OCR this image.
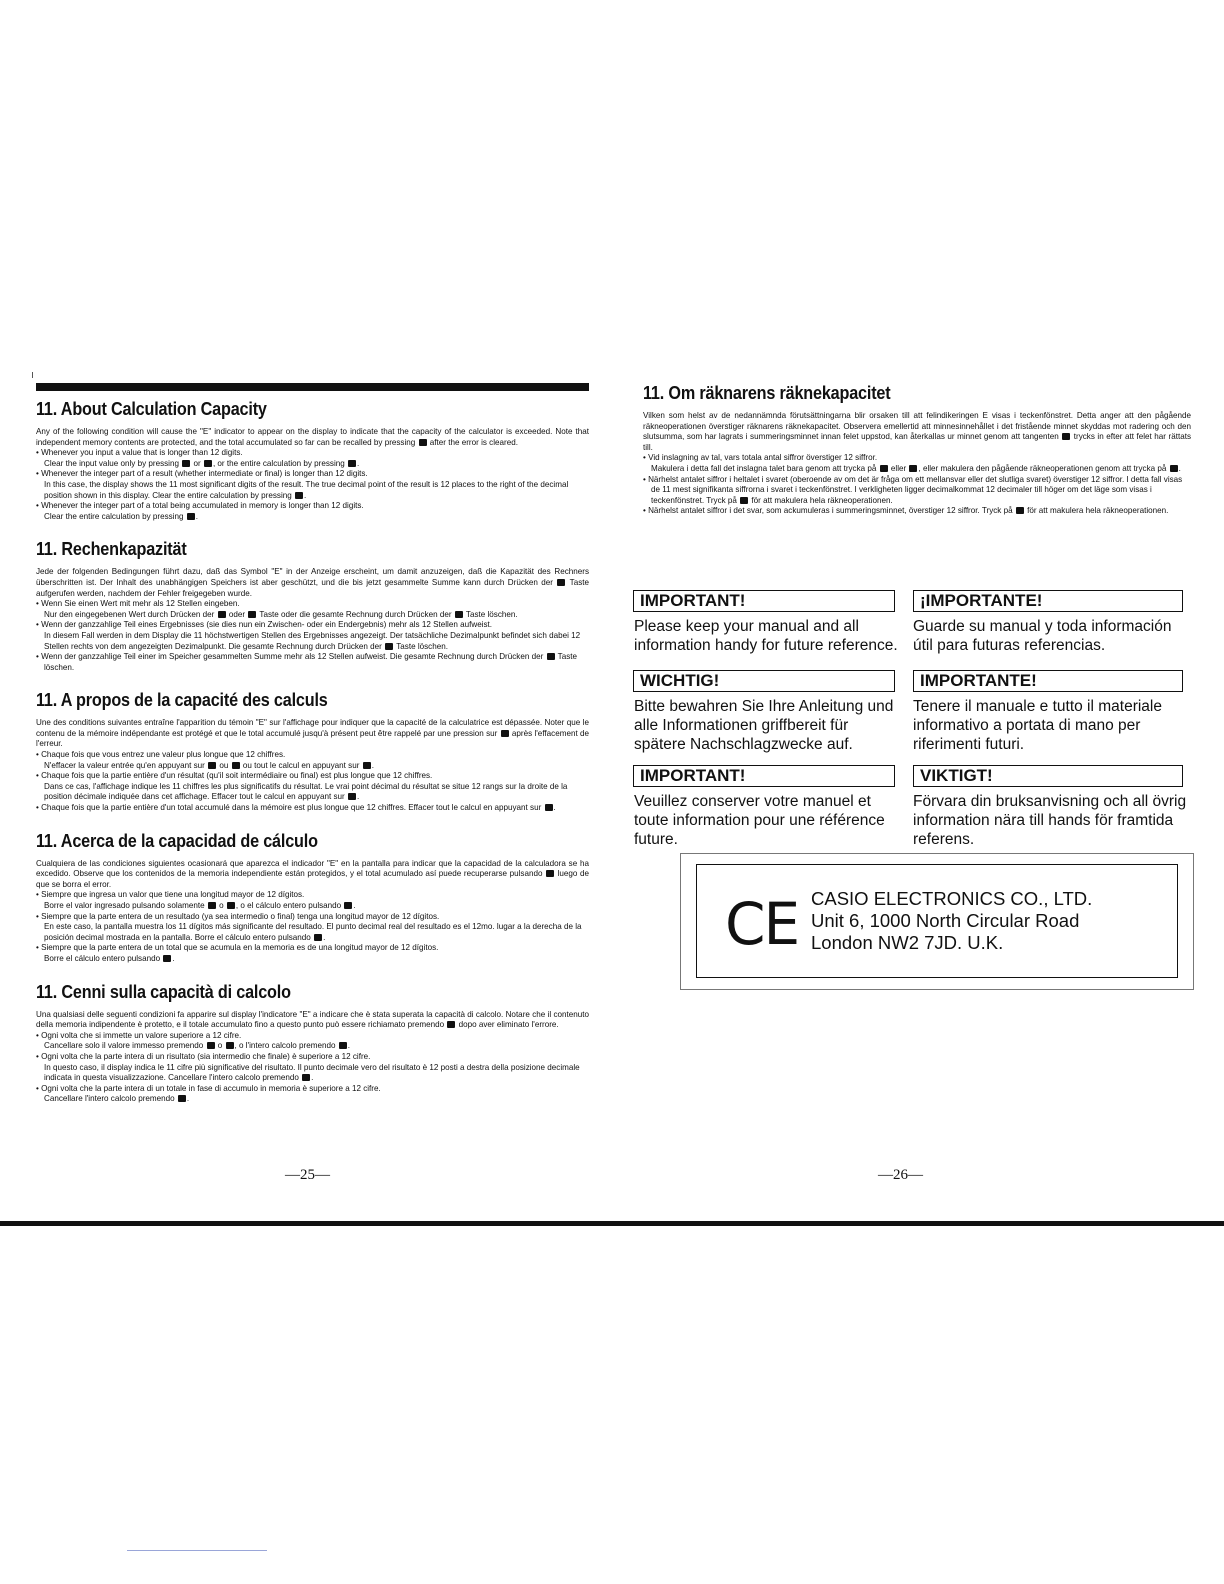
11. About Calculation Capacity

Any of the following condition will cause the "E" indicator to appear on the display to indicate that the capacity of the calculator is exceeded. Note that independent memory contents are protected, and the total accumulated so far can be recalled by pressing  after the error is cleared.

• Whenever you input a value that is longer than 12 digits.

Clear the input value only by pressing  or , or the entire calculation by pressing .

• Whenever the integer part of a result (whether intermediate or final) is longer than 12 digits.

In this case, the display shows the 11 most significant digits of the result. The true decimal point of the result is 12 places to the right of the decimal position shown in this display. Clear the entire calculation by pressing .

• Whenever the integer part of a total being accumulated in memory is longer than 12 digits.

Clear the entire calculation by pressing .

11. Rechenkapazität

Jede der folgenden Bedingungen führt dazu, daß das Symbol "E" in der Anzeige erscheint, um damit anzuzeigen, daß die Kapazität des Rechners überschritten ist. Der Inhalt des unabhängigen Speichers ist aber geschützt, und die bis jetzt gesammelte Summe kann durch Drücken der  Taste aufgerufen werden, nachdem der Fehler freigegeben wurde.

• Wenn Sie einen Wert mit mehr als 12 Stellen eingeben.

Nur den eingegebenen Wert durch Drücken der  oder  Taste oder die gesamte Rechnung durch Drücken der  Taste löschen.

• Wenn der ganzzahlige Teil eines Ergebnisses (sie dies nun ein Zwischen- oder ein Endergebnis) mehr als 12 Stellen aufweist.

In diesem Fall werden in dem Display die 11 höchstwertigen Stellen des Ergebnisses angezeigt. Der tatsächliche Dezimalpunkt befindet sich dabei 12 Stellen rechts von dem angezeigten Dezimalpunkt. Die gesamte Rechnung durch Drücken der  Taste löschen.

• Wenn der ganzzahlige Teil einer im Speicher gesammelten Summe mehr als 12 Stellen aufweist. Die gesamte Rechnung durch Drücken der  Taste löschen.

11. A propos de la capacité des calculs

Une des conditions suivantes entraîne l'apparition du témoin "E" sur l'affichage pour indiquer que la capacité de la calculatrice est dépassée. Noter que le contenu de la mémoire indépendante est protégé et que le total accumulé jusqu'à présent peut être rappelé par une pression sur  après l'effacement de l'erreur.

• Chaque fois que vous entrez une valeur plus longue que 12 chiffres.

N'effacer la valeur entrée qu'en appuyant sur  ou  ou tout le calcul en appuyant sur .

• Chaque fois que la partie entière d'un résultat (qu'il soit intermédiaire ou final) est plus longue que 12 chiffres.

Dans ce cas, l'affichage indique les 11 chiffres les plus significatifs du résultat. Le vrai point décimal du résultat se situe 12 rangs sur la droite de la position décimale indiquée dans cet affichage. Effacer tout le calcul en appuyant sur .

• Chaque fois que la partie entière d'un total accumulé dans la mémoire est plus longue que 12 chiffres. Effacer tout le calcul en appuyant sur .

11. Acerca de la capacidad de cálculo

Cualquiera de las condiciones siguientes ocasionará que aparezca el indicador "E" en la pantalla para indicar que la capacidad de la calculadora se ha excedido. Observe que los contenidos de la memoria independiente están protegidos, y el total acumulado así puede recuperarse pulsando  luego de que se borra el error.

• Siempre que ingresa un valor que tiene una longitud mayor de 12 dígitos.

Borre el valor ingresado pulsando solamente  o , o el cálculo entero pulsando .

• Siempre que la parte entera de un resultado (ya sea intermedio o final) tenga una longitud mayor de 12 dígitos.

En este caso, la pantalla muestra los 11 dígitos más significante del resultado. El punto decimal real del resultado es el 12mo. lugar a la derecha de la posición decimal mostrada en la pantalla. Borre el cálculo entero pulsando .

• Siempre que la parte entera de un total que se acumula en la memoria es de una longitud mayor de 12 dígitos.

Borre el cálculo entero pulsando .

11. Cenni sulla capacità di calcolo

Una qualsiasi delle seguenti condizioni fa apparire sul display l'indicatore "E" a indicare che è stata superata la capacità di calcolo. Notare che il contenuto della memoria indipendente è protetto, e il totale accumulato fino a questo punto può essere richiamato premendo  dopo aver eliminato l'errore.

• Ogni volta che si immette un valore superiore a 12 cifre.

Cancellare solo il valore immesso premendo  o , o l'intero calcolo premendo .

• Ogni volta che la parte intera di un risultato (sia intermedio che finale) è superiore a 12 cifre.

In questo caso, il display indica le 11 cifre più significative del risultato. Il punto decimale vero del risultato è 12 posti a destra della posizione decimale indicata in questa visualizzazione. Cancellare l'intero calcolo premendo .

• Ogni volta che la parte intera di un totale in fase di accumulo in memoria è superiore a 12 cifre.

Cancellare l'intero calcolo premendo .

11. Om räknarens räknekapacitet

Vilken som helst av de nedannämnda förutsättningarna blir orsaken till att felindikeringen E visas i teckenfönstret. Detta anger att den pågående räkneoperationen överstiger räknarens räknekapacitet. Observera emellertid att minnesinnehållet i det fristående minnet skyddas mot radering och den slutsumma, som har lagrats i summeringsminnet innan felet uppstod, kan återkallas ur minnet genom att tangenten  trycks in efter att felet har rättats till.

• Vid inslagning av tal, vars totala antal siffror överstiger 12 siffror.

Makulera i detta fall det inslagna talet bara genom att trycka på  eller , eller makulera den pågående räkneoperationen genom att trycka på .

• Närhelst antalet siffror i heltalet i svaret (oberoende av om det är fråga om ett mellansvar eller det slutliga svaret) överstiger 12 siffror. I detta fall visas de 11 mest signifikanta siffrorna i svaret i teckenfönstret. I verkligheten ligger decimalkommat 12 decimaler till höger om det läge som visas i teckenfönstret. Tryck på  för att makulera hela räkneoperationen.

• Närhelst antalet siffror i det svar, som ackumuleras i summeringsminnet, överstiger 12 siffror. Tryck på  för att makulera hela räkneoperationen.

IMPORTANT!
Please keep your manual and all information handy for future reference.
¡IMPORTANTE!
Guarde su manual y toda información útil para futuras referencias.
WICHTIG!
Bitte bewahren Sie Ihre Anleitung und alle Informationen griffbereit für spätere Nachschlagzwecke auf.
IMPORTANTE!
Tenere il manuale e tutto il materiale informativo a portata di mano per riferimenti futuri.
IMPORTANT!
Veuillez conserver votre manuel et toute information pour une référence future.
VIKTIGT!
Förvara din bruksanvisning och all övrig information nära till hands för framtida referens.
CE CASIO ELECTRONICS CO., LTD.
Unit 6, 1000 North Circular Road
London NW2 7JD. U.K.
—25—	—26—
